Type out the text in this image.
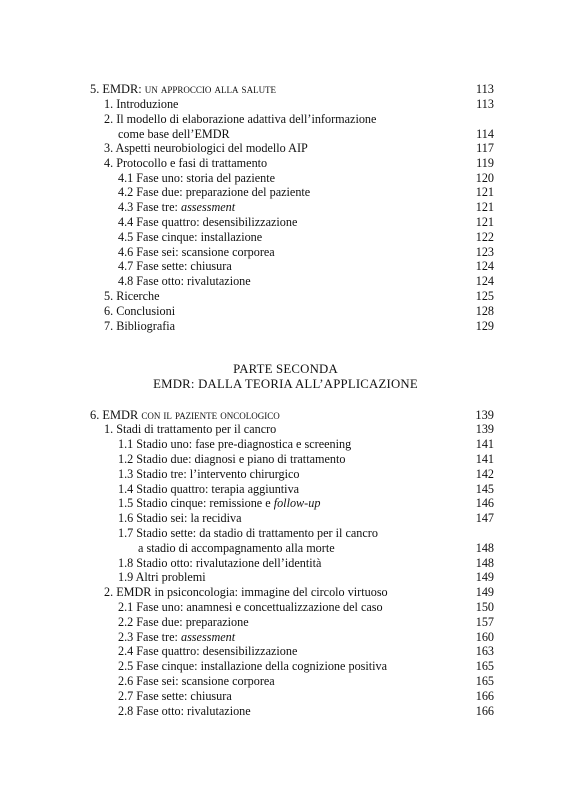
5. EMDR: un approccio alla salute	113
1. Introduzione	113
2. Il modello di elaborazione adattiva dell’informazione
come base dell’EMDR	114
3. Aspetti neurobiologici del modello AIP	117
4. Protocollo e fasi di trattamento	119
4.1 Fase uno: storia del paziente	120
4.2 Fase due: preparazione del paziente	121
4.3 Fase tre: assessment	121
4.4 Fase quattro: desensibilizzazione	121
4.5 Fase cinque: installazione	122
4.6 Fase sei: scansione corporea	123
4.7 Fase sette: chiusura	124
4.8 Fase otto: rivalutazione	124
5. Ricerche	125
6. Conclusioni	128
7. Bibliografia	129
PARTE SECONDA
EMDR: DALLA TEORIA ALL’APPLICAZIONE
6. EMDR con il paziente oncologico	139
1. Stadi di trattamento per il cancro	139
1.1 Stadio uno: fase pre-diagnostica e screening	141
1.2 Stadio due: diagnosi e piano di trattamento	141
1.3 Stadio tre: l’intervento chirurgico	142
1.4 Stadio quattro: terapia aggiuntiva	145
1.5 Stadio cinque: remissione e follow-up	146
1.6 Stadio sei: la recidiva	147
1.7 Stadio sette: da stadio di trattamento per il cancro
a stadio di accompagnamento alla morte	148
1.8 Stadio otto: rivalutazione dell’identità	148
1.9 Altri problemi	149
2. EMDR in psiconcologia: immagine del circolo virtuoso	149
2.1 Fase uno: anamnesi e concettualizzazione del caso	150
2.2 Fase due: preparazione	157
2.3 Fase tre: assessment	160
2.4 Fase quattro: desensibilizzazione	163
2.5 Fase cinque: installazione della cognizione positiva	165
2.6 Fase sei: scansione corporea	165
2.7 Fase sette: chiusura	166
2.8 Fase otto: rivalutazione	166
